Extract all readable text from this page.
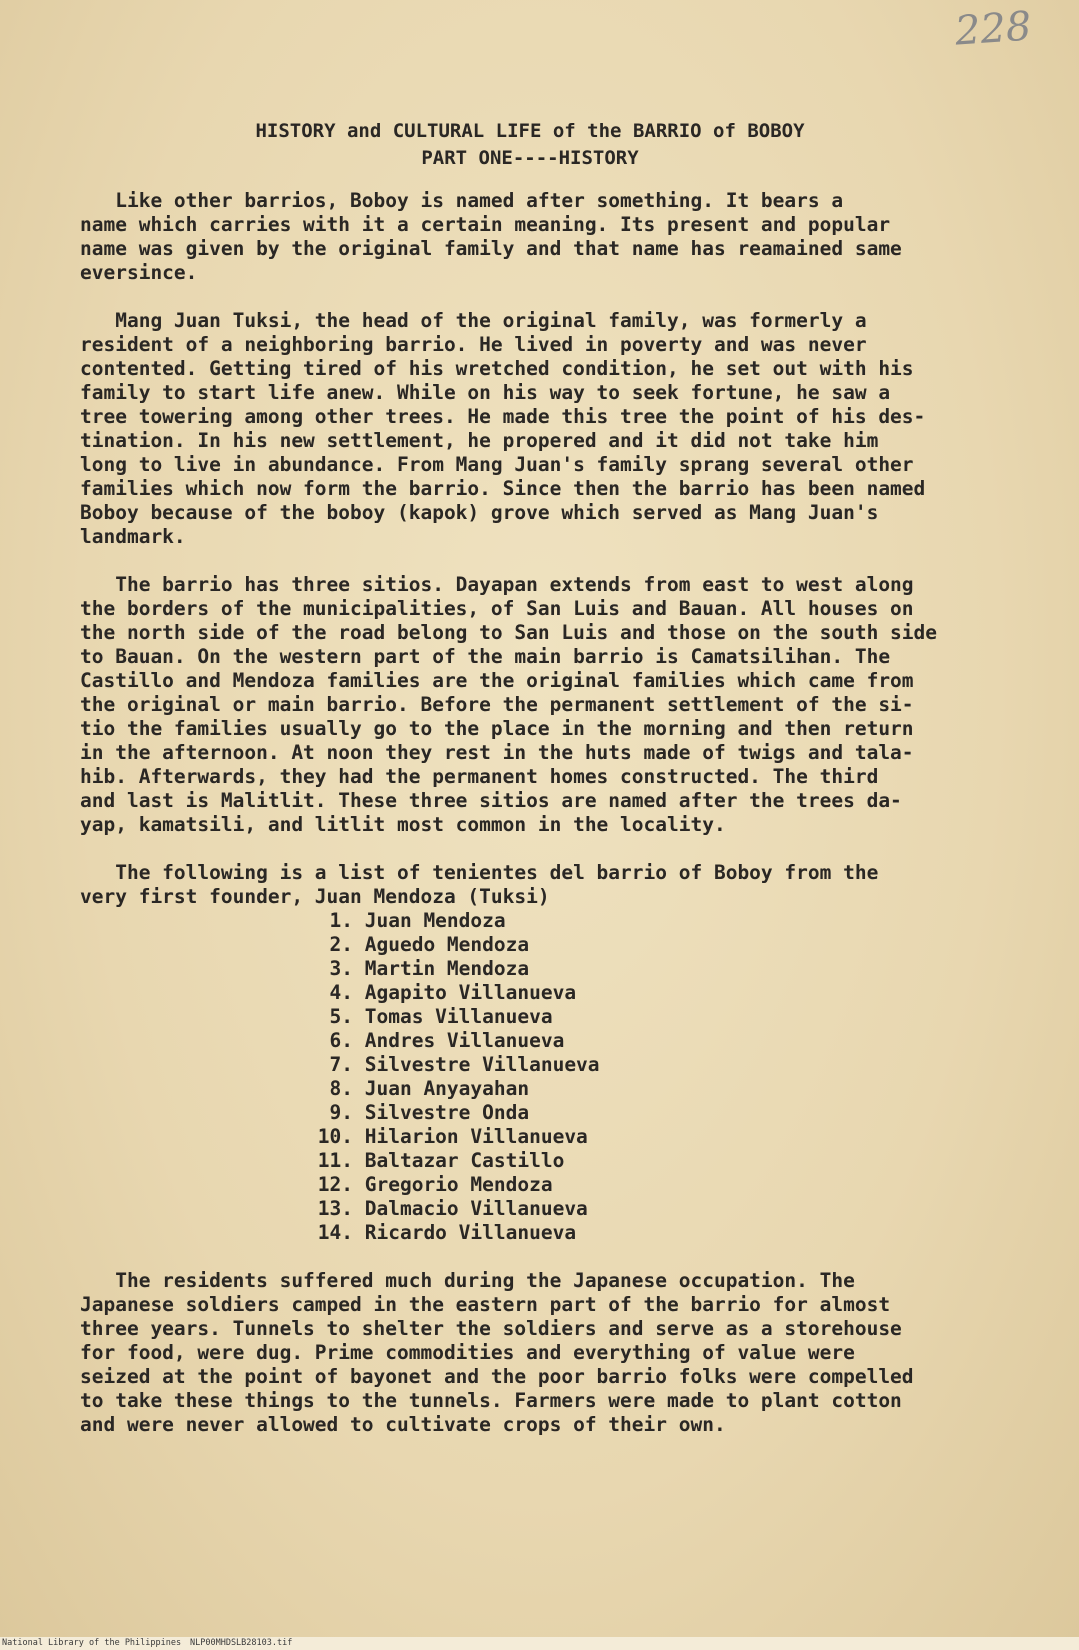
228
HISTORY and CULTURAL LIFE of the BARRIO of BOBOY
PART ONE----HISTORY

Like other barrios, Boboy is named after something. It bears a
name which carries with it a certain meaning. Its present and popular
name was given by the original family and that name has reamained same
eversince.

Mang Juan Tuksi, the head of the original family, was formerly a
resident of a neighboring barrio. He lived in poverty and was never
contented. Getting tired of his wretched condition, he set out with his
family to start life anew. While on his way to seek fortune, he saw a
tree towering among other trees. He made this tree the point of his des-
tination. In his new settlement, he propered and it did not take him
long to live in abundance. From Mang Juan's family sprang several other
families which now form the barrio. Since then the barrio has been named
Boboy because of the boboy (kapok) grove which served as Mang Juan's
landmark.

The barrio has three sitios. Dayapan extends from east to west along
the borders of the municipalities, of San Luis and Bauan. All houses on
the north side of the road belong to San Luis and those on the south side
to Bauan. On the western part of the main barrio is Camatsilihan. The
Castillo and Mendoza families are the original families which came from
the original or main barrio. Before the permanent settlement of the si-
tio the families usually go to the place in the morning and then return
in the afternoon. At noon they rest in the huts made of twigs and tala-
hib. Afterwards, they had the permanent homes constructed. The third
and last is Malitlit. These three sitios are named after the trees da-
yap, kamatsili, and litlit most common in the locality.

The following is a list of tenientes del barrio of Boboy from the
very first founder, Juan Mendoza (Tuksi)

1. Juan Mendoza
2. Aguedo Mendoza
3. Martin Mendoza
4. Agapito Villanueva
5. Tomas Villanueva
6. Andres Villanueva
7. Silvestre Villanueva
8. Juan Anyayahan
9. Silvestre Onda
10. Hilarion Villanueva
11. Baltazar Castillo
12. Gregorio Mendoza
13. Dalmacio Villanueva
14. Ricardo Villanueva

The residents suffered much during the Japanese occupation. The
Japanese soldiers camped in the eastern part of the barrio for almost
three years. Tunnels to shelter the soldiers and serve as a storehouse
for food, were dug. Prime commodities and everything of value were
seized at the point of bayonet and the poor barrio folks were compelled
to take these things to the tunnels. Farmers were made to plant cotton
and were never allowed to cultivate crops of their own.

National Library of the Philippines NLP00MHDSLB28103.tif
